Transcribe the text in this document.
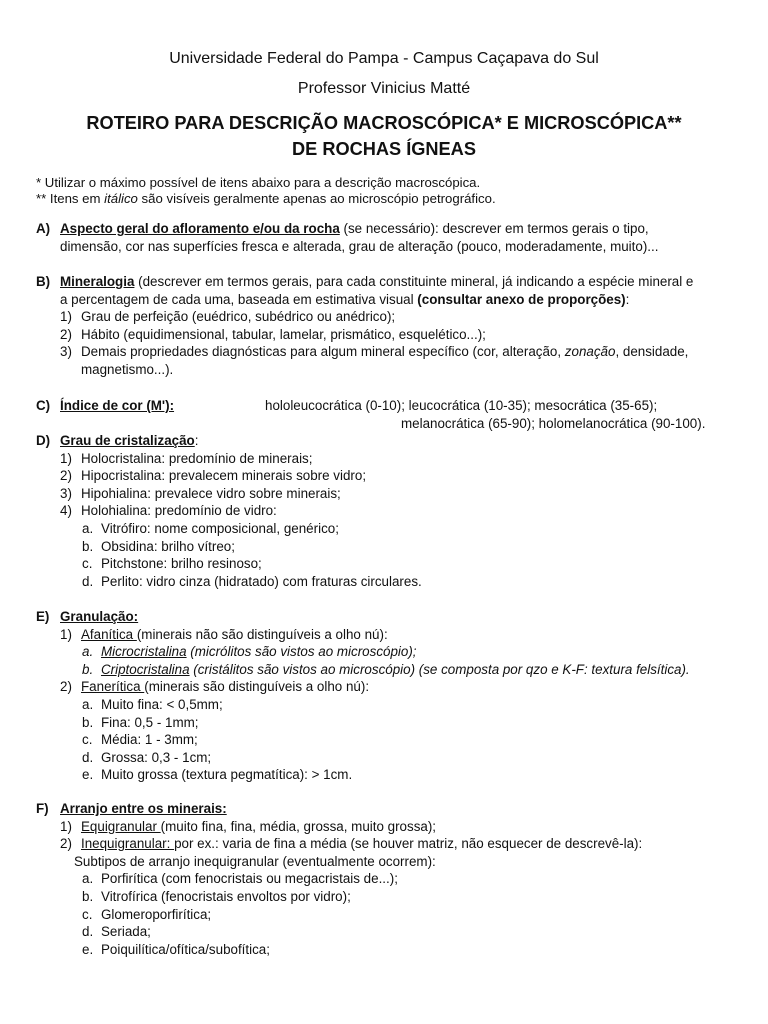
Universidade Federal do Pampa - Campus Caçapava do Sul
Professor Vinicius Matté
ROTEIRO PARA DESCRIÇÃO MACROSCÓPICA* E MICROSCÓPICA**
DE ROCHAS ÍGNEAS
* Utilizar o máximo possível de itens abaixo para a descrição macroscópica.
** Itens em itálico são visíveis geralmente apenas ao microscópio petrográfico.
A) Aspecto geral do afloramento e/ou da rocha (se necessário): descrever em termos gerais o tipo,
dimensão, cor nas superfícies fresca e alterada, grau de alteração (pouco, moderadamente, muito)...
B) Mineralogia (descrever em termos gerais, para cada constituinte mineral, já indicando a espécie mineral e
a percentagem de cada uma, baseada em estimativa visual (consultar anexo de proporções):
1) Grau de perfeição (euédrico, subédrico ou anédrico);
2) Hábito (equidimensional, tabular, lamelar, prismático, esquelético...);
3) Demais propriedades diagnósticas para algum mineral específico (cor, alteração, zonação, densidade,
magnetismo...).
C) Índice de cor (M'):	hololeucocrática (0-10); leucocrática (10-35); mesocrática (35-65);
melanocrática (65-90); holomelanocrática (90-100).
D) Grau de cristalização:
1) Holocristalina: predomínio de minerais;
2) Hipocristalina: prevalecem minerais sobre vidro;
3) Hipohialina: prevalece vidro sobre minerais;
4) Holohialina: predomínio de vidro:
a. Vitrófiro: nome composicional, genérico;
b. Obsidina: brilho vítreo;
c. Pitchstone: brilho resinoso;
d. Perlito: vidro cinza (hidratado) com fraturas circulares.
E) Granulação:
1) Afanítica (minerais não são distinguíveis a olho nú):
a. Microcristalina (micrólitos são vistos ao microscópio);
b. Criptocristalina (cristálitos são vistos ao microscópio) (se composta por qzo e K-F: textura felsítica).
2) Fanerítica (minerais são distinguíveis a olho nú):
a. Muito fina: < 0,5mm;
b. Fina: 0,5 - 1mm;
c. Média: 1 - 3mm;
d. Grossa: 0,3 - 1cm;
e. Muito grossa (textura pegmatítica): > 1cm.
F) Arranjo entre os minerais:
1) Equigranular (muito fina, fina, média, grossa, muito grossa);
2) Inequigranular: por ex.: varia de fina a média (se houver matriz, não esquecer de descrevê-la):
Subtipos de arranjo inequigranular (eventualmente ocorrem):
a. Porfirítica (com fenocristais ou megacristais de...);
b. Vitrofírica (fenocristais envoltos por vidro);
c. Glomeroporfirítica;
d. Seriada;
e. Poiquilítica/ofítica/subofítica;
